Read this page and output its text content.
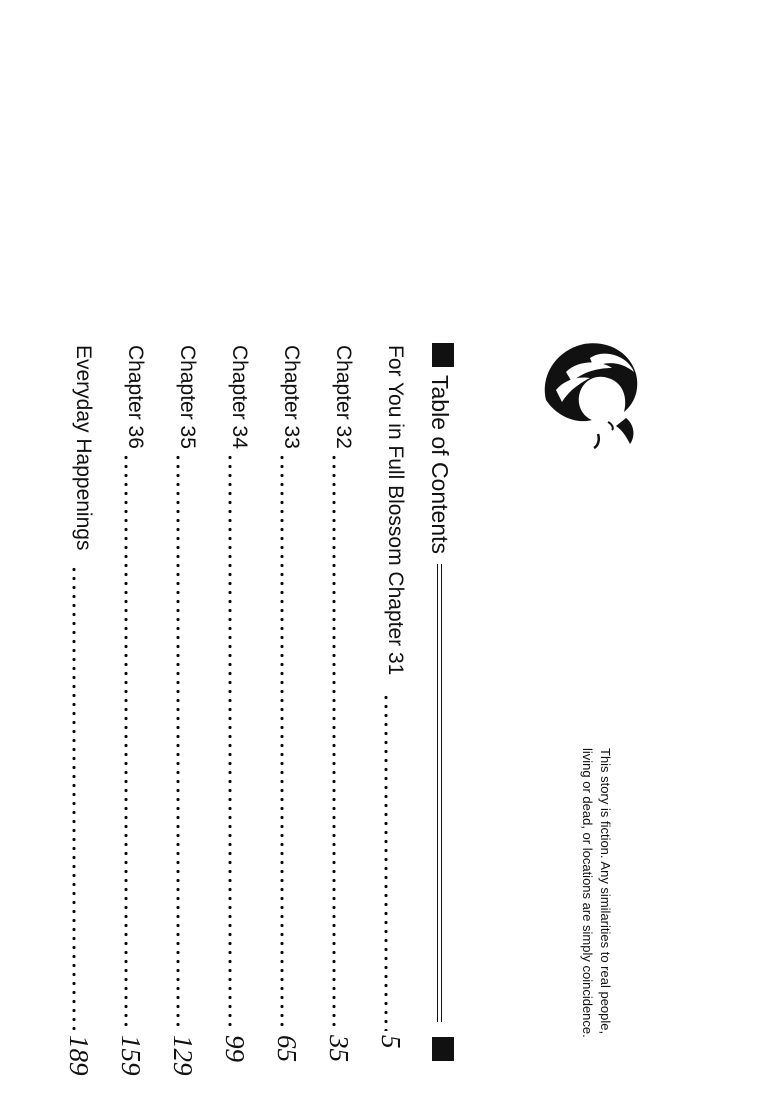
This story is fiction. Any similarities to real people,
living or dead, or locations are simply coincidence.
Table of Contents
For You in Full Blossom Chapter 31
5
Chapter 32
35
Chapter 33
65
Chapter 34
99
Chapter 35
129
Chapter 36
159
Everyday Happenings
189
